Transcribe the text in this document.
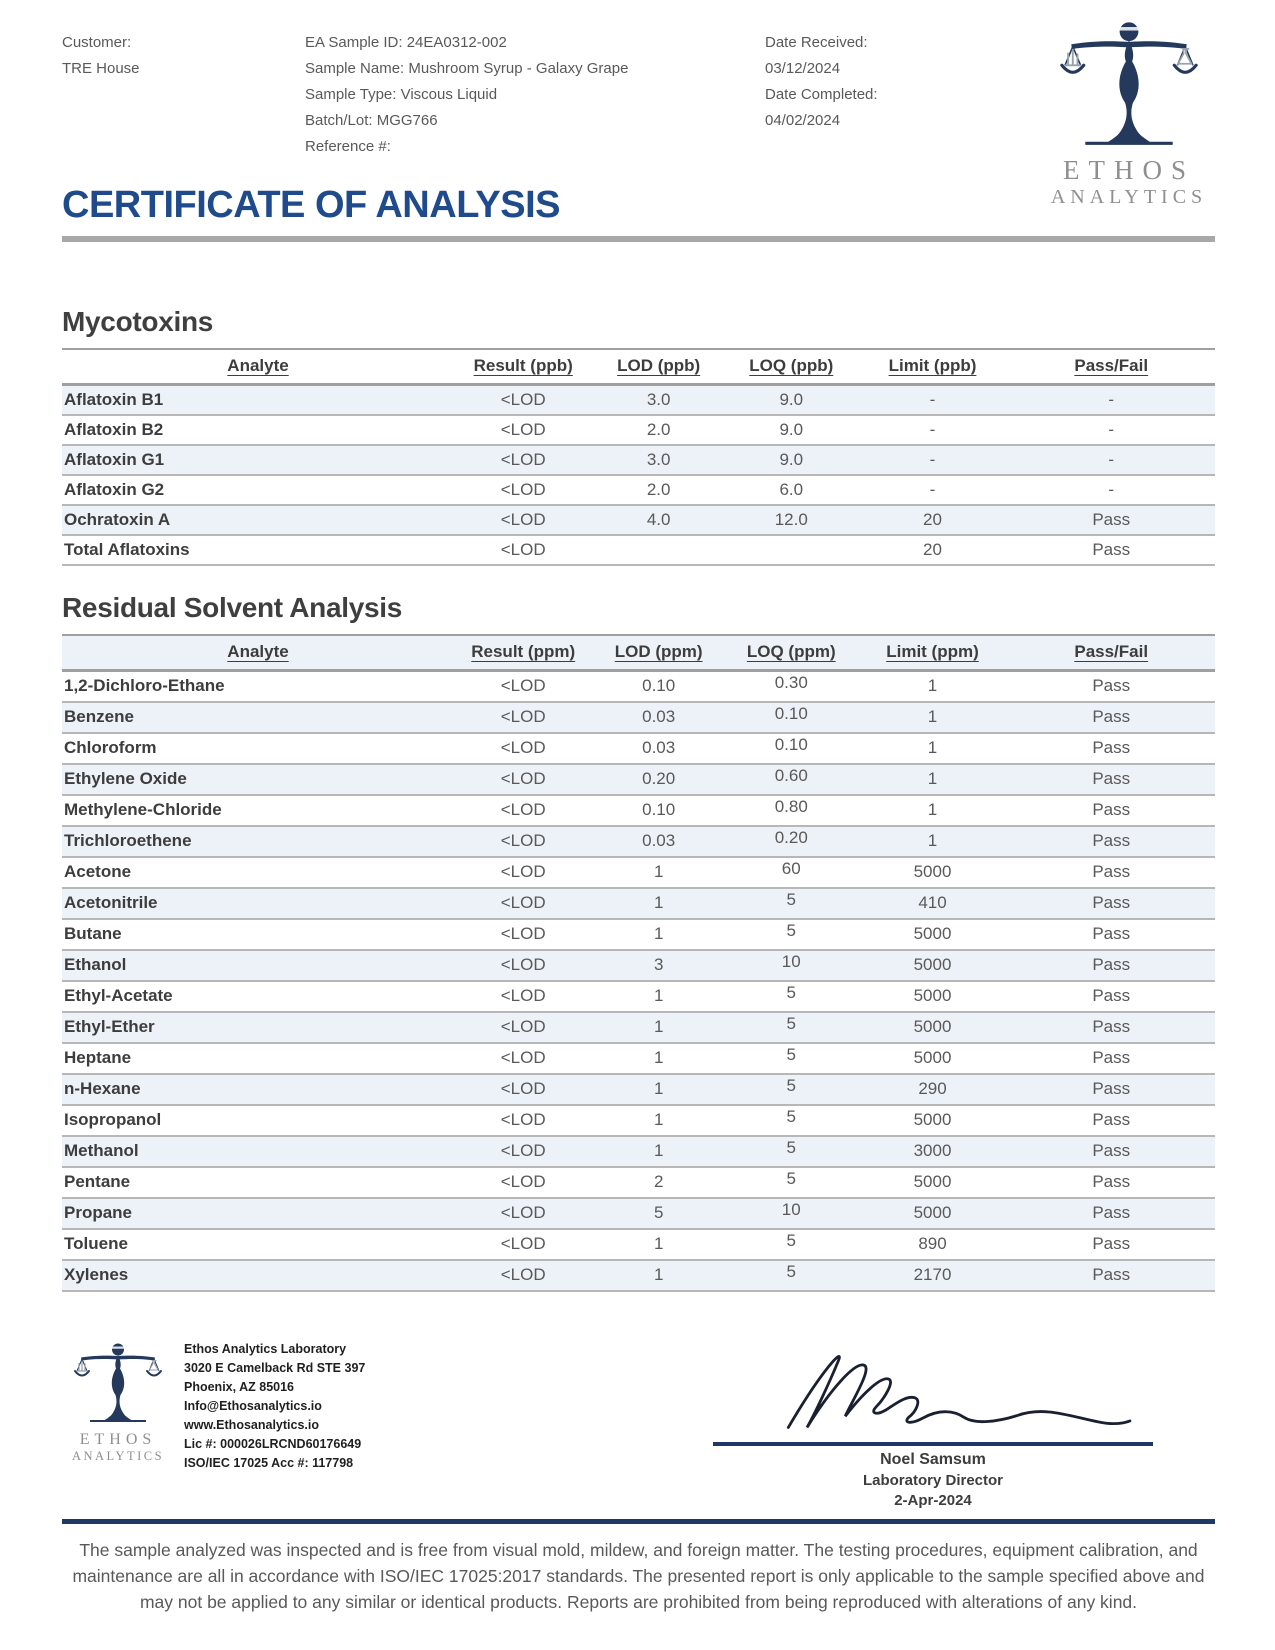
Customer:
TRE House
EA Sample ID: 24EA0312-002
Sample Name: Mushroom Syrup - Galaxy Grape
Sample Type: Viscous Liquid
Batch/Lot: MGG766
Reference #:
Date Received:
03/12/2024
Date Completed:
04/02/2024
ETHOS
ANALYTICS
CERTIFICATE OF ANALYSIS
Mycotoxins
Analyte	Result (ppb)	LOD (ppb)	LOQ (ppb)	Limit (ppb)	Pass/Fail
Aflatoxin B1	<LOD	3.0	9.0	-	-
Aflatoxin B2	<LOD	2.0	9.0	-	-
Aflatoxin G1	<LOD	3.0	9.0	-	-
Aflatoxin G2	<LOD	2.0	6.0	-	-
Ochratoxin A	<LOD	4.0	12.0	20	Pass
Total Aflatoxins	<LOD			20	Pass
Residual Solvent Analysis
Analyte	Result (ppm)	LOD (ppm)	LOQ (ppm)	Limit (ppm)	Pass/Fail
1,2-Dichloro-Ethane	<LOD	0.10	0.30	1	Pass
Benzene	<LOD	0.03	0.10	1	Pass
Chloroform	<LOD	0.03	0.10	1	Pass
Ethylene Oxide	<LOD	0.20	0.60	1	Pass
Methylene-Chloride	<LOD	0.10	0.80	1	Pass
Trichloroethene	<LOD	0.03	0.20	1	Pass
Acetone	<LOD	1	60	5000	Pass
Acetonitrile	<LOD	1	5	410	Pass
Butane	<LOD	1	5	5000	Pass
Ethanol	<LOD	3	10	5000	Pass
Ethyl-Acetate	<LOD	1	5	5000	Pass
Ethyl-Ether	<LOD	1	5	5000	Pass
Heptane	<LOD	1	5	5000	Pass
n-Hexane	<LOD	1	5	290	Pass
Isopropanol	<LOD	1	5	5000	Pass
Methanol	<LOD	1	5	3000	Pass
Pentane	<LOD	2	5	5000	Pass
Propane	<LOD	5	10	5000	Pass
Toluene	<LOD	1	5	890	Pass
Xylenes	<LOD	1	5	2170	Pass
ETHOS
ANALYTICS
Ethos Analytics Laboratory
3020 E Camelback Rd STE 397
Phoenix, AZ 85016
Info@Ethosanalytics.io
www.Ethosanalytics.io
Lic #: 000026LRCND60176649
ISO/IEC 17025 Acc #: 117798	Noel Samsum
Laboratory Director
2-Apr-2024

The sample analyzed was inspected and is free from visual mold, mildew, and foreign matter. The testing procedures, equipment calibration, and maintenance are all in accordance with ISO/IEC 17025:2017 standards. The presented report is only applicable to the sample specified above and may not be applied to any similar or identical products. Reports are prohibited from being reproduced with alterations of any kind.
